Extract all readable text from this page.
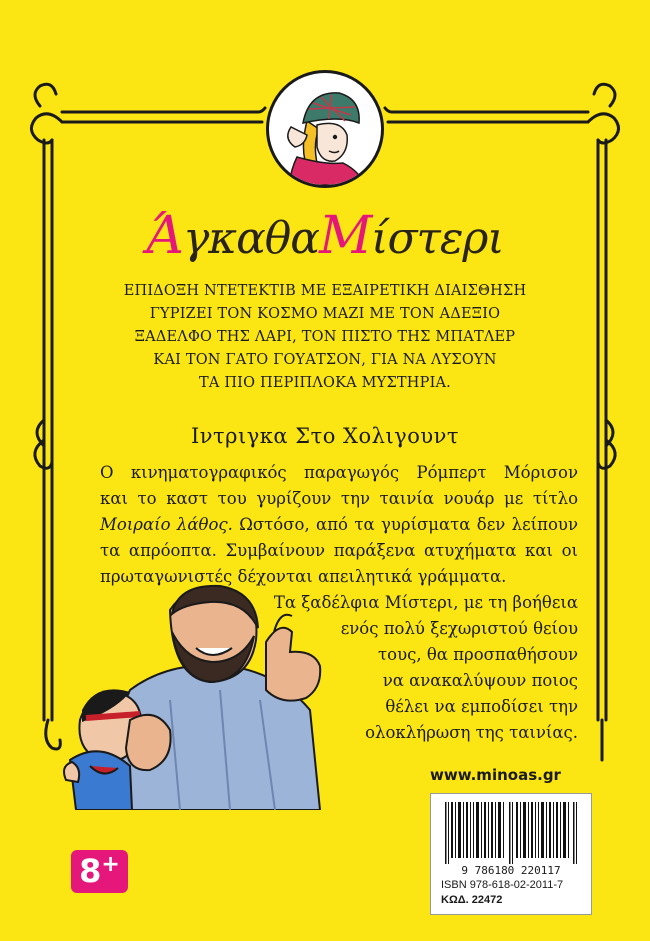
ΆγκαθαΜίστερι
ΕΠΙΔΟΞΗ ΝΤΕΤΕΚΤΙΒ ΜΕ ΕΞΑΙΡΕΤΙΚΗ ΔΙΑΙΣΘΗΣΗ
ΓΥΡΙΖΕΙ ΤΟΝ ΚΟΣΜΟ ΜΑΖΙ ΜΕ ΤΟΝ ΑΔΕΞΙΟ
ΞΑΔΕΛΦΟ ΤΗΣ ΛΑΡΙ, ΤΟΝ ΠΙΣΤΟ ΤΗΣ ΜΠΑΤΛΕΡ
ΚΑΙ ΤΟΝ ΓΑΤΟ ΓΟΥΑΤΣΟΝ, ΓΙΑ ΝΑ ΛΥΣΟΥΝ
ΤΑ ΠΙΟ ΠΕΡΙΠΛΟΚΑ ΜΥΣΤΗΡΙΑ.
Ιντριγκα Στο Χολιγουντ
Ο κινηματογραφικός παραγωγός Ρόμπερτ Μόρισον
και το καστ του γυρίζουν την ταινία νουάρ με τίτλο
Μοιραίο λάθος. Ωστόσο, από τα γυρίσματα δεν λείπουν
τα απρόοπτα. Συμβαίνουν παράξενα ατυχήματα και οι
πρωταγωνιστές δέχονται απειλητικά γράμματα.
Τα ξαδέλφια Μίστερι, με τη βοήθεια
ενός πολύ ξεχωριστού θείου
τους, θα προσπαθήσουν
να ανακαλύψουν ποιος
θέλει να εμποδίσει την
ολοκλήρωση της ταινίας.
www.minoas.gr
9 786180 220117
ISBN 978-618-02-2011-7
ΚΩΔ. 22472
8+
